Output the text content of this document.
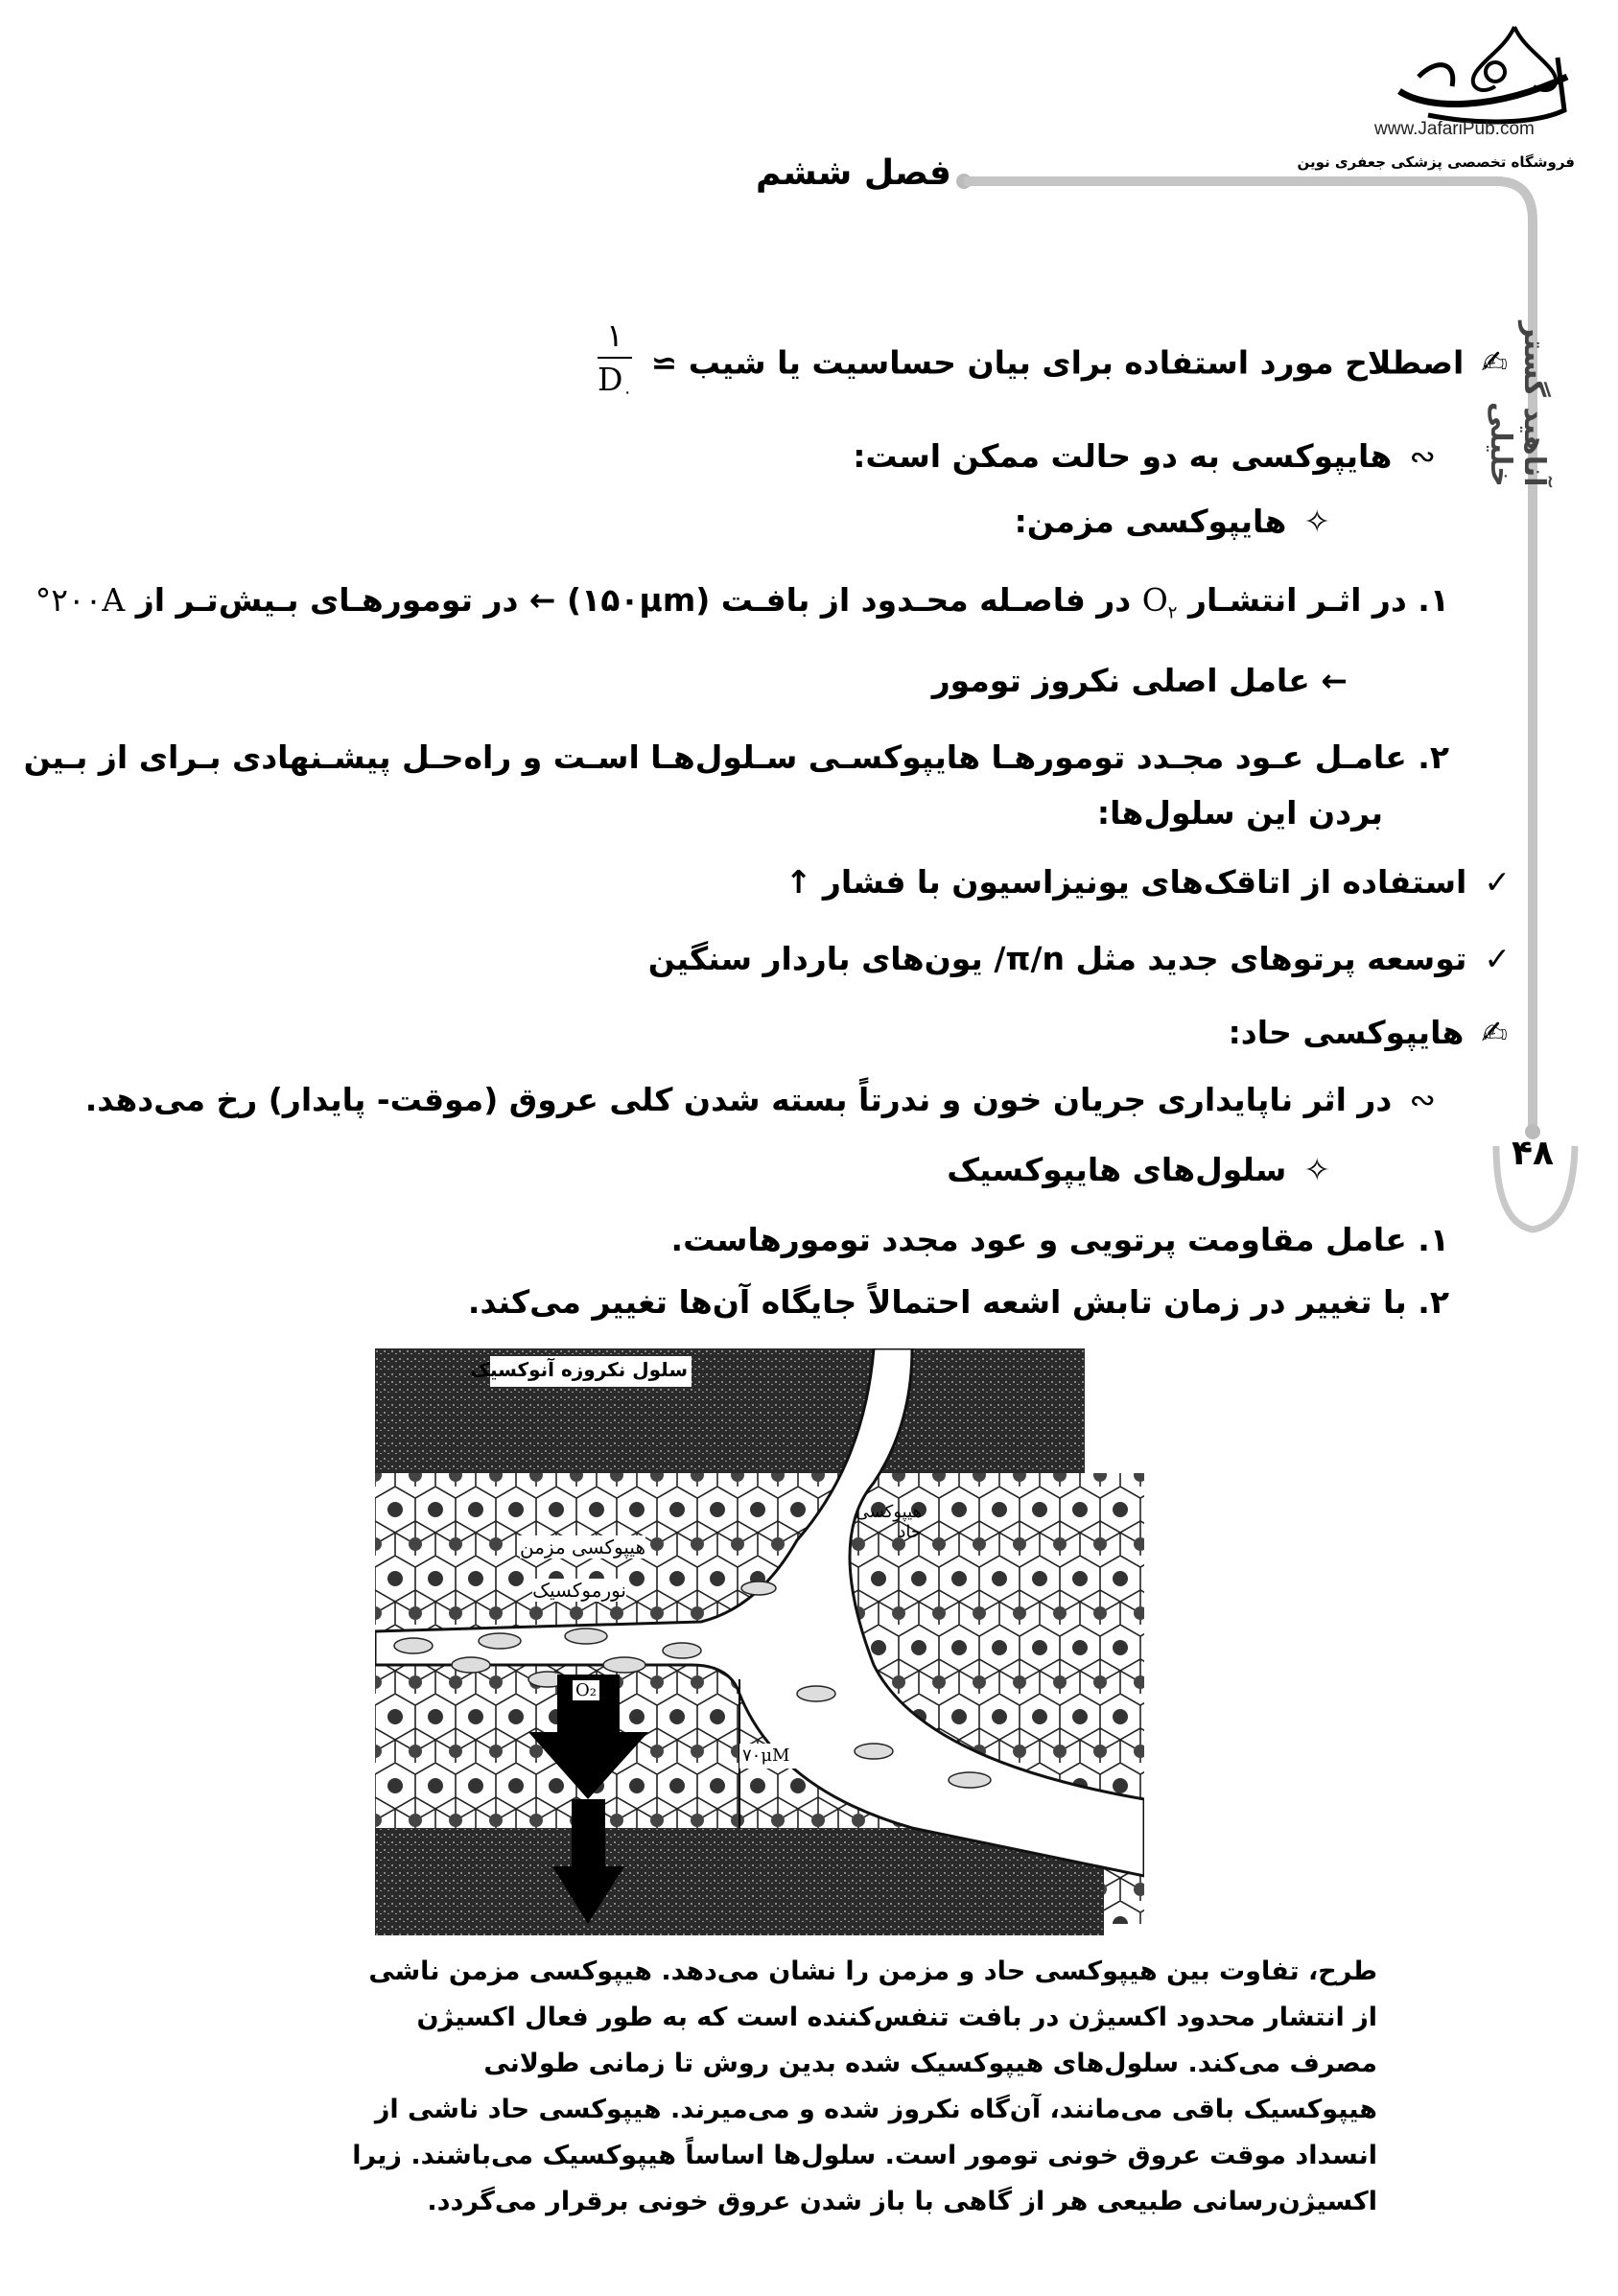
www.JafariPub.com
فروشگاه تخصصی پزشکی جعفری نوین
آناهید گستر خلیلی
۴۸
فصل ششم
✍اصطلاح مورد استفاده برای بیان حساسیت یا شیب ≃
۱
$D_۰$
∾هایپوکسی به دو حالت ممکن است:
✧هایپوکسی مزمن:
۱. در اثـر انتشـار $O_۲$ در فاصـله محـدود از بافـت (۱۵۰μm) ← در تومورهـای بـیش‌تـر از ۲۰۰A°
← عامل اصلی نکروز تومور
۲. عامـل عـود مجـدد تومورهـا هایپوکسـی سـلول‌هـا اسـت و راه‌حـل پیشـنهادی بـرای از بـین
بردن این سلول‌ها:
✓استفاده از اتاقک‌های یونیزاسیون با فشار ↑
✓توسعه پرتوهای جدید مثل π/n/ یون‌های باردار سنگین
✍هایپوکسی حاد:
∾در اثر ناپایداری جریان خون و ندرتاً بسته شدن کلی عروق (موقت- پایدار) رخ می‌دهد.
✧سلول‌های هایپوکسیک
۱. عامل مقاومت پرتویی و عود مجدد تومورهاست.
۲. با تغییر در زمان تابش اشعه احتمالاً جایگاه آن‌ها تغییر می‌کند.
سلول نکروزه آنوکسیک
هیپوکسی حاد
هیپوکسی مزمن
نورموکسیک
O₂
۷۰μM
طرح، تفاوت بین هیپوکسی حاد و مزمن را نشان می‌دهد. هیپوکسی مزمن ناشی
از انتشار محدود اکسیژن در بافت تنفس‌کننده است که به طور فعال اکسیژن
مصرف می‌کند. سلول‌های هیپوکسیک شده بدین روش تا زمانی طولانی
هیپوکسیک باقی می‌مانند، آن‌گاه نکروز شده و می‌میرند. هیپوکسی حاد ناشی از
انسداد موقت عروق خونی تومور است. سلول‌ها اساساً هیپوکسیک می‌باشند. زیرا
اکسیژن‌رسانی طبیعی هر از گاهی با باز شدن عروق خونی برقرار می‌گردد.
